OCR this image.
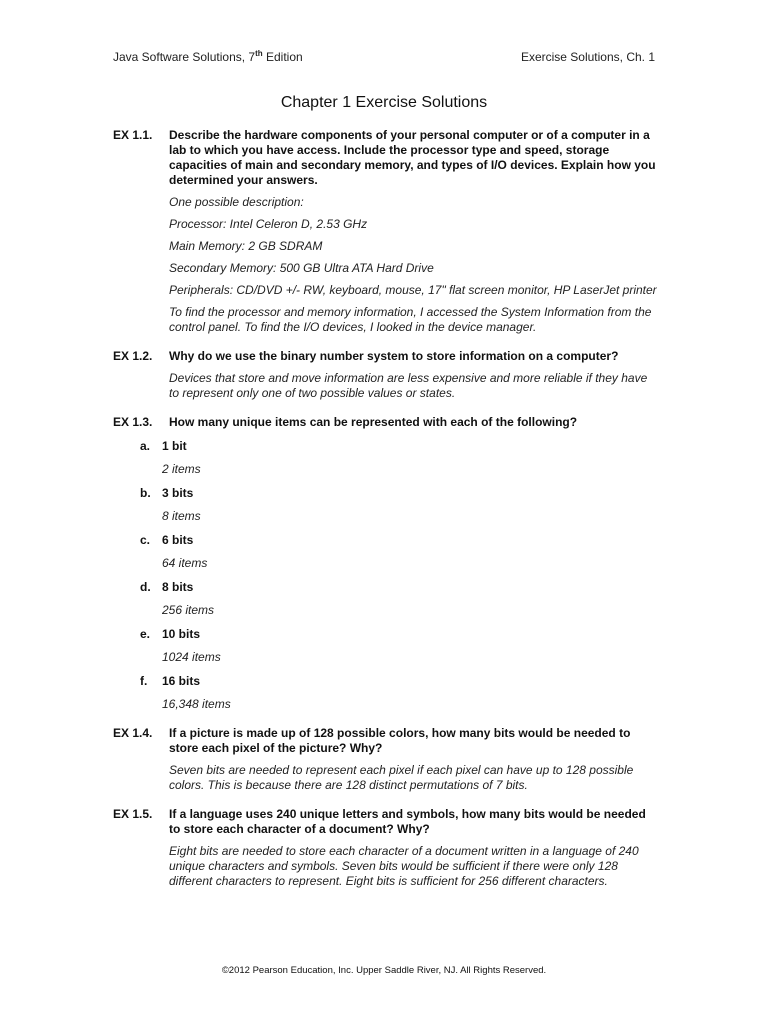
Java Software Solutions, 7th Edition	Exercise Solutions, Ch. 1
Chapter 1 Exercise Solutions
EX 1.1. Describe the hardware components of your personal computer or of a computer in a lab to which you have access. Include the processor type and speed, storage capacities of main and secondary memory, and types of I/O devices. Explain how you determined your answers.
One possible description:
Processor: Intel Celeron D, 2.53 GHz
Main Memory: 2 GB SDRAM
Secondary Memory: 500 GB Ultra ATA Hard Drive
Peripherals: CD/DVD +/- RW, keyboard, mouse, 17" flat screen monitor, HP LaserJet printer
To find the processor and memory information, I accessed the System Information from the control panel. To find the I/O devices, I looked in the device manager.
EX 1.2. Why do we use the binary number system to store information on a computer?
Devices that store and move information are less expensive and more reliable if they have to represent only one of two possible values or states.
EX 1.3. How many unique items can be represented with each of the following?
a. 1 bit
2 items
b. 3 bits
8 items
c. 6 bits
64 items
d. 8 bits
256 items
e. 10 bits
1024 items
f. 16 bits
16,348 items
EX 1.4. If a picture is made up of 128 possible colors, how many bits would be needed to store each pixel of the picture? Why?
Seven bits are needed to represent each pixel if each pixel can have up to 128 possible colors. This is because there are 128 distinct permutations of 7 bits.
EX 1.5. If a language uses 240 unique letters and symbols, how many bits would be needed to store each character of a document? Why?
Eight bits are needed to store each character of a document written in a language of 240 unique characters and symbols. Seven bits would be sufficient if there were only 128 different characters to represent. Eight bits is sufficient for 256 different characters.
©2012 Pearson Education, Inc. Upper Saddle River, NJ. All Rights Reserved.
